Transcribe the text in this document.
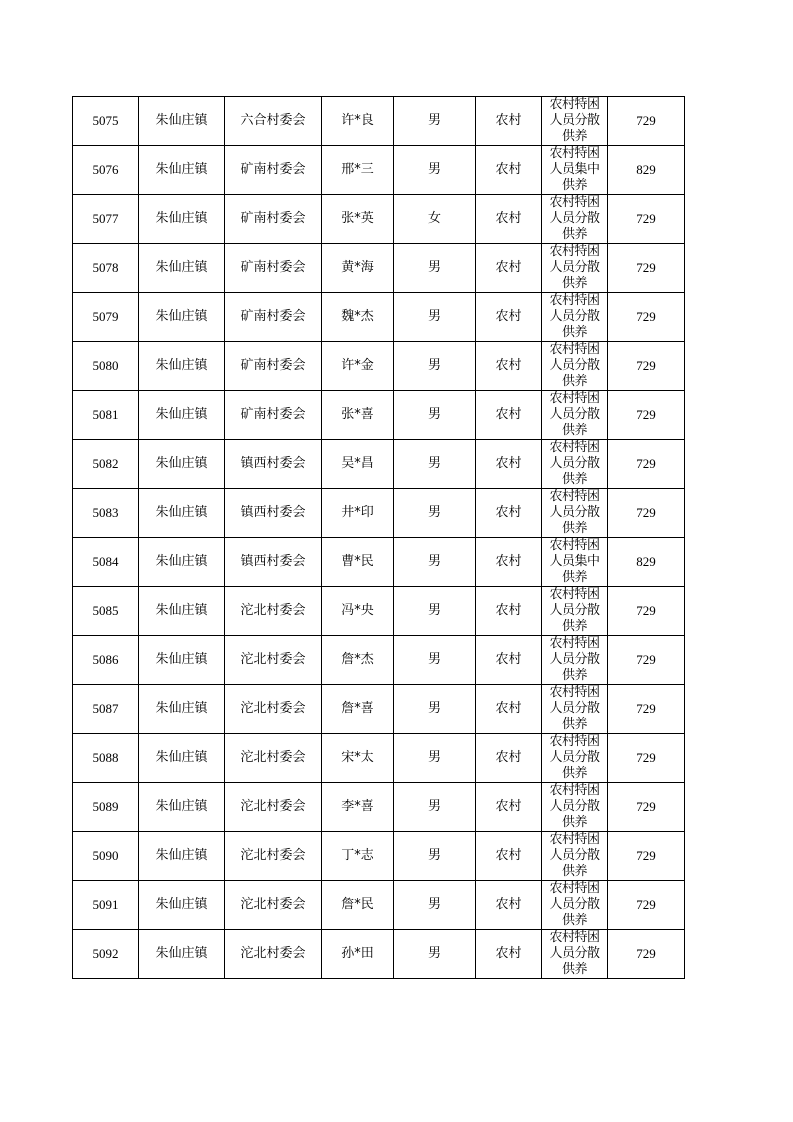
5075	朱仙庄镇	六合村委会	许*良	男	农村	农村特困人员分散供养	729
5076	朱仙庄镇	矿南村委会	邢*三	男	农村	农村特困人员集中供养	829
5077	朱仙庄镇	矿南村委会	张*英	女	农村	农村特困人员分散供养	729
5078	朱仙庄镇	矿南村委会	黄*海	男	农村	农村特困人员分散供养	729
5079	朱仙庄镇	矿南村委会	魏*杰	男	农村	农村特困人员分散供养	729
5080	朱仙庄镇	矿南村委会	许*金	男	农村	农村特困人员分散供养	729
5081	朱仙庄镇	矿南村委会	张*喜	男	农村	农村特困人员分散供养	729
5082	朱仙庄镇	镇西村委会	吴*昌	男	农村	农村特困人员分散供养	729
5083	朱仙庄镇	镇西村委会	井*印	男	农村	农村特困人员分散供养	729
5084	朱仙庄镇	镇西村委会	曹*民	男	农村	农村特困人员集中供养	829
5085	朱仙庄镇	沱北村委会	冯*央	男	农村	农村特困人员分散供养	729
5086	朱仙庄镇	沱北村委会	詹*杰	男	农村	农村特困人员分散供养	729
5087	朱仙庄镇	沱北村委会	詹*喜	男	农村	农村特困人员分散供养	729
5088	朱仙庄镇	沱北村委会	宋*太	男	农村	农村特困人员分散供养	729
5089	朱仙庄镇	沱北村委会	李*喜	男	农村	农村特困人员分散供养	729
5090	朱仙庄镇	沱北村委会	丁*志	男	农村	农村特困人员分散供养	729
5091	朱仙庄镇	沱北村委会	詹*民	男	农村	农村特困人员分散供养	729
5092	朱仙庄镇	沱北村委会	孙*田	男	农村	农村特困人员分散供养	729
